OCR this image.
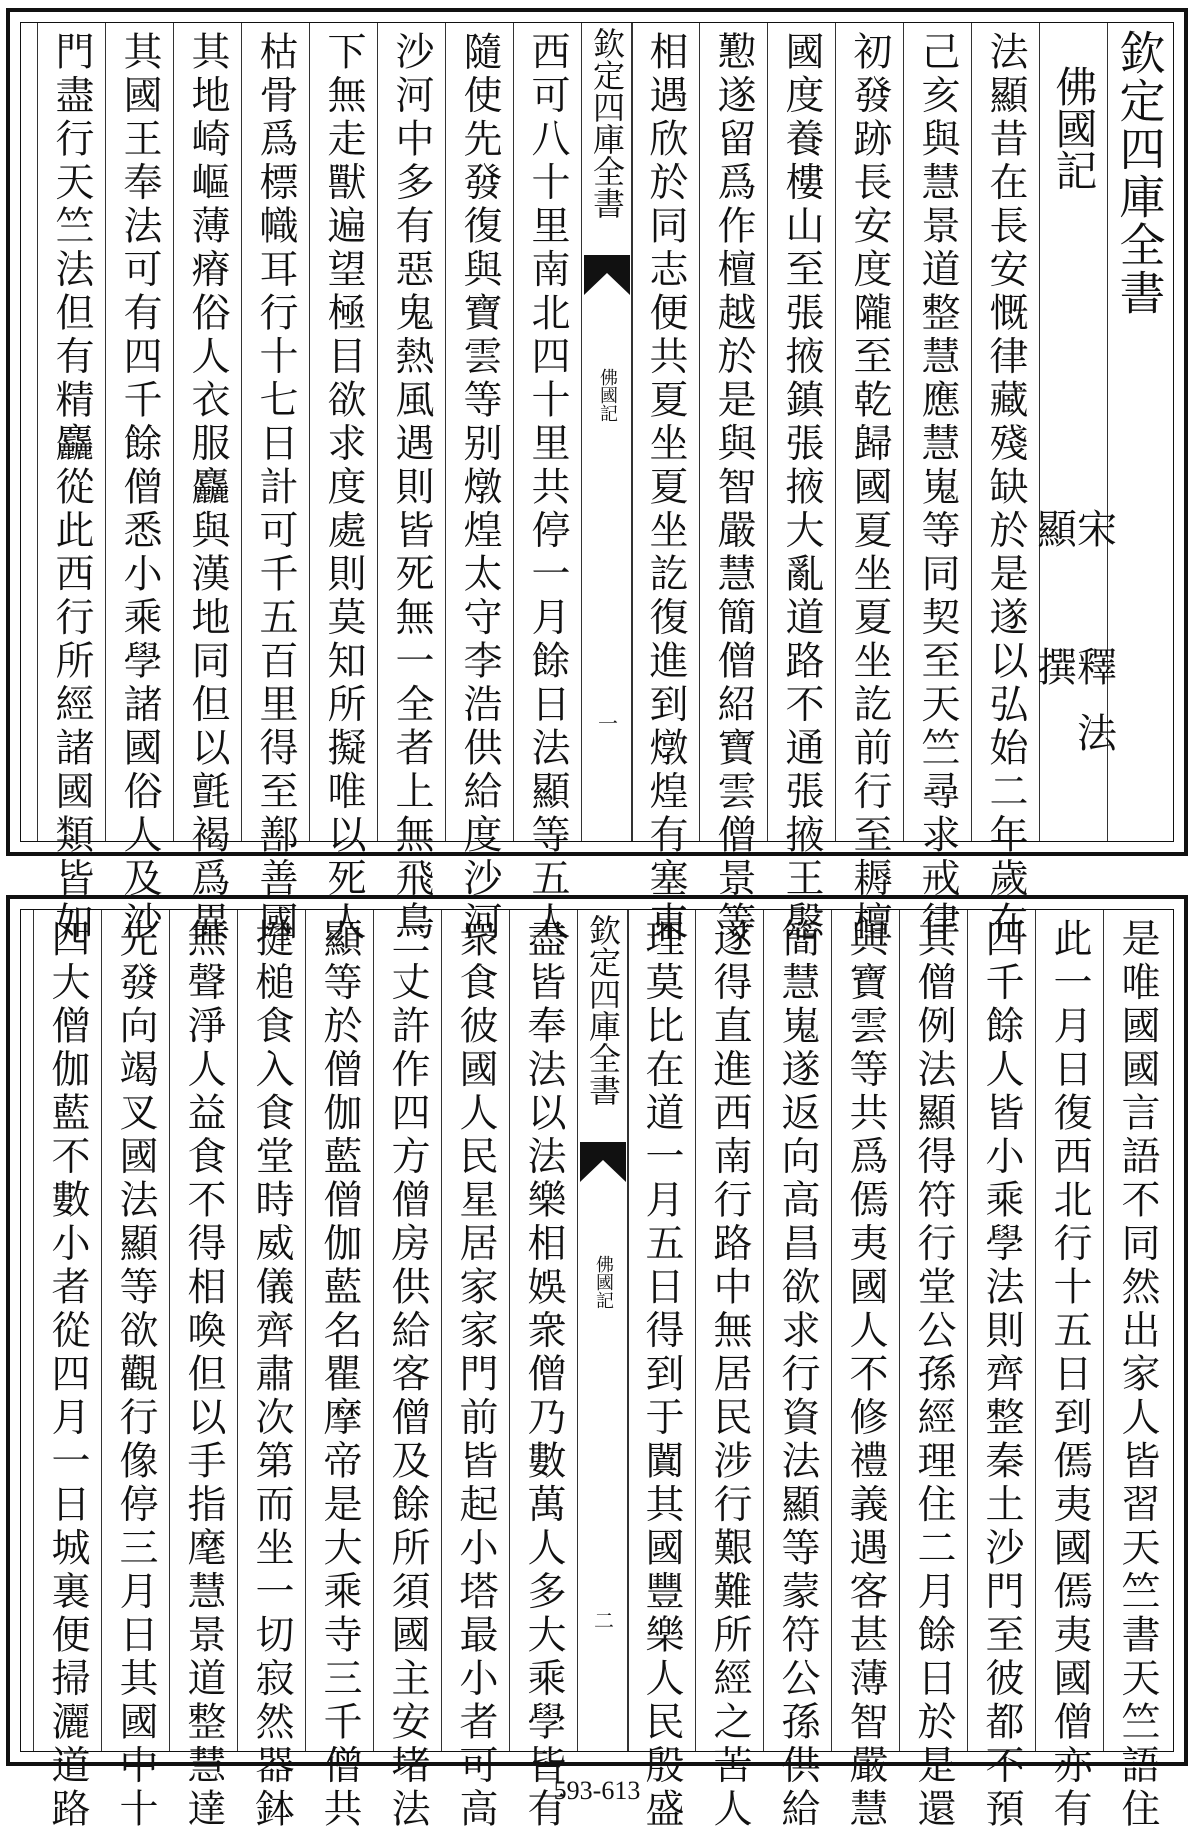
欽定四庫全書
佛國記
宋 釋法顯 撰
法顯昔在長安慨律藏殘缺於是遂以弘始二年歲在
己亥與慧景道整慧應慧嵬等同契至天竺尋求戒律
初發跡長安度隴至乾歸國夏坐夏坐訖前行至耨檀
國度養樓山至張掖鎮張掖大亂道路不通張掖王慇
懃遂留爲作檀越於是與智嚴慧簡僧紹寶雲僧景等
相遇欣於同志便共夏坐夏坐訖復進到燉煌有塞東
欽定四庫全書
佛國記
一
西可八十里南北四十里共停一月餘日法顯等五人
隨使先發復與寶雲等别燉煌太守李浩供給度沙河
沙河中多有惡鬼熱風遇則皆死無一全者上無飛鳥
下無走獸遍望極目欲求度處則莫知所擬唯以死人
枯骨爲標幟耳行十七日計可千五百里得至鄯善國
其地崎嶇薄瘠俗人衣服麤與漢地同但以氈褐爲異
其國王奉法可有四千餘僧悉小乘學諸國俗人及沙
門盡行天竺法但有精麤從此西行所經諸國類皆如
是唯國國言語不同然出家人皆習天竺書天竺語住
此一月日復西北行十五日到傿夷國傿夷國僧亦有
四千餘人皆小乘學法則齊整秦土沙門至彼都不預
其僧例法顯得符行堂公孫經理住二月餘日於是還
與寶雲等共爲傿夷國人不修禮義遇客甚薄智嚴慧
簡慧嵬遂返向高昌欲求行資法顯等蒙符公孫供給
遂得直進西南行路中無居民涉行艱難所經之苦人
理莫比在道一月五日得到于闐其國豐樂人民殷盛
欽定四庫全書
佛國記
二
盡皆奉法以法樂相娛衆僧乃數萬人多大乘學皆有
衆食彼國人民星居家家門前皆起小塔最小者可高
二丈許作四方僧房供給客僧及餘所須國主安堵法
顯等於僧伽藍僧伽藍名瞿摩帝是大乘寺三千僧共
揵槌食入食堂時威儀齊肅次第而坐一切寂然器鉢
無聲淨人益食不得相喚但以手指麾慧景道整慧達
先發向竭叉國法顯等欲觀行像停三月日其國中十
四大僧伽藍不數小者從四月一日城裏便掃灑道路	593-613
